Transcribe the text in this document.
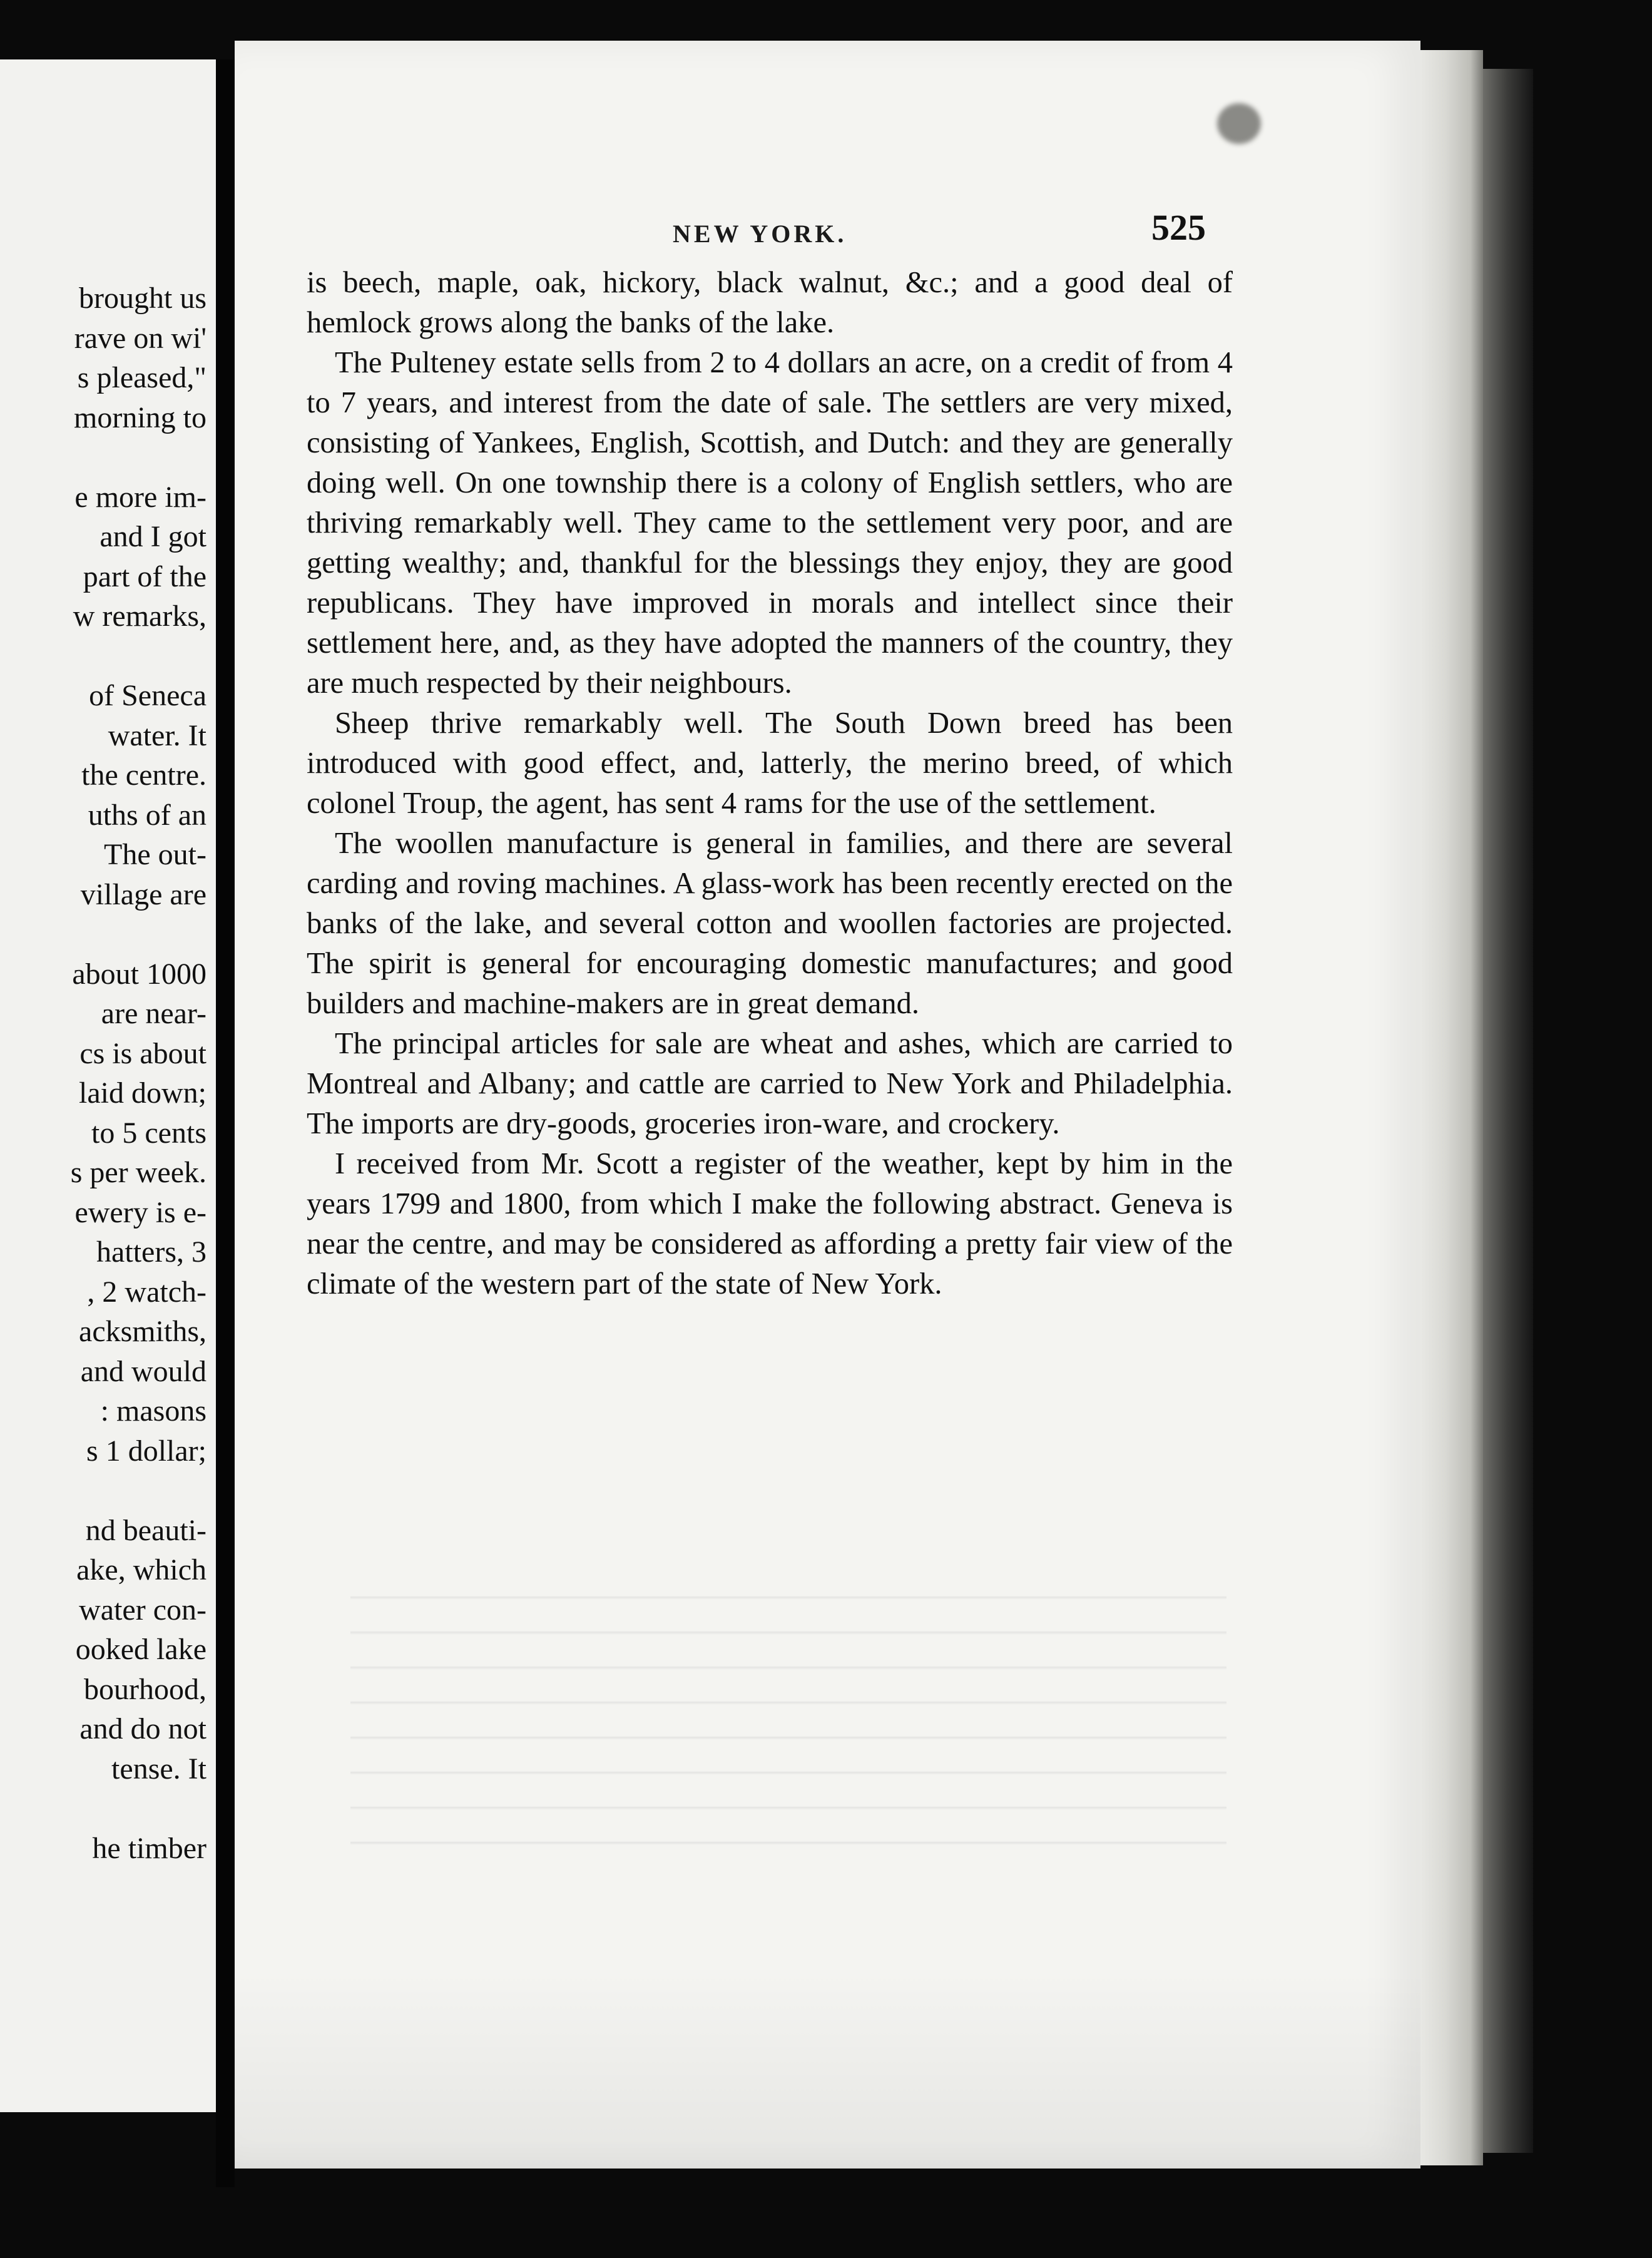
brought us
rave on wi'
s pleased,"
morning to
e more im-
and I got
part of the
w remarks,
of Seneca
water. It
the centre.
uths of an
The out-
village are
about 1000
are near-
cs is about
laid down;
to 5 cents
s per week.
ewery is e-
hatters, 3
, 2 watch-
acksmiths,
and would
: masons
s 1 dollar;
nd beauti-
ake, which
water con-
ooked lake
bourhood,
and do not
tense. It
he timber
NEW YORK.	525

is beech, maple, oak, hickory, black walnut, &c.; and a good deal of hemlock grows along the banks of the lake.

The Pulteney estate sells from 2 to 4 dollars an acre, on a credit of from 4 to 7 years, and interest from the date of sale. The settlers are very mixed, consisting of Yankees, English, Scottish, and Dutch: and they are generally doing well. On one township there is a colony of English settlers, who are thriving remarkably well. They came to the settlement very poor, and are getting wealthy; and, thankful for the blessings they enjoy, they are good republicans. They have improved in morals and intellect since their settlement here, and, as they have adopted the manners of the country, they are much respected by their neighbours.

Sheep thrive remarkably well. The South Down breed has been introduced with good effect, and, latterly, the merino breed, of which colonel Troup, the agent, has sent 4 rams for the use of the settlement.

The woollen manufacture is general in families, and there are several carding and roving machines. A glass-work has been recently erected on the banks of the lake, and several cotton and woollen factories are projected. The spirit is general for encouraging domestic manufactures; and good builders and machine-makers are in great demand.

The principal articles for sale are wheat and ashes, which are carried to Montreal and Albany; and cattle are carried to New York and Philadelphia. The imports are dry-goods, groceries iron-ware, and crockery.

I received from Mr. Scott a register of the weather, kept by him in the years 1799 and 1800, from which I make the following abstract. Geneva is near the centre, and may be considered as affording a pretty fair view of the climate of the western part of the state of New York.
